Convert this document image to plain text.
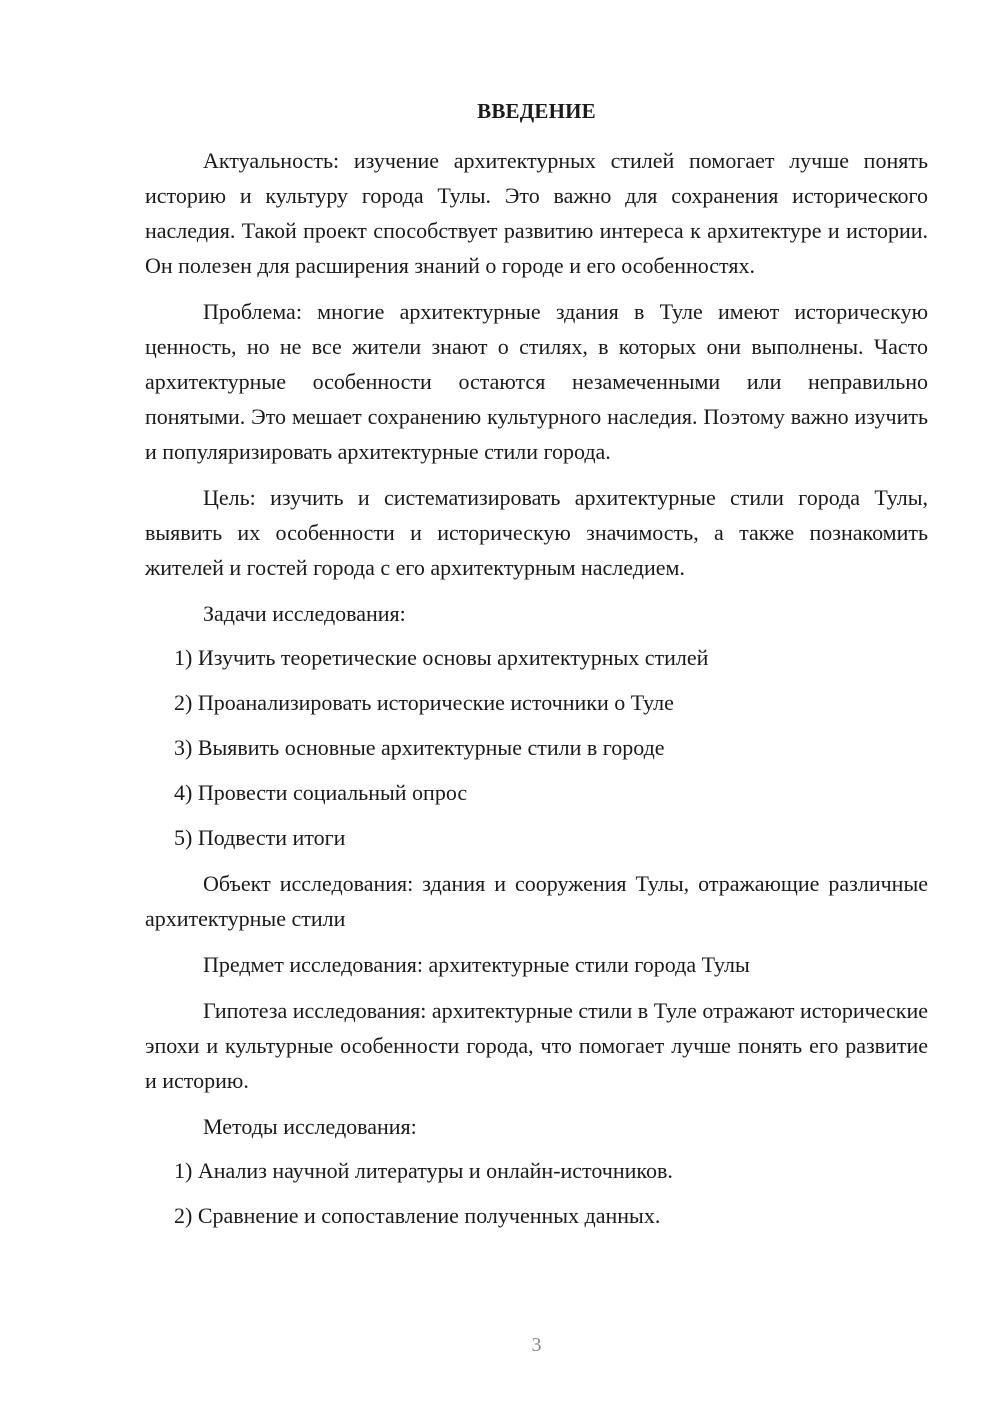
ВВЕДЕНИЕ

Актуальность: изучение архитектурных стилей помогает лучше понять историю и культуру города Тулы. Это важно для сохранения исторического наследия. Такой проект способствует развитию интереса к архитектуре и истории. Он полезен для расширения знаний о городе и его особенностях.

Проблема: многие архитектурные здания в Туле имеют историческую ценность, но не все жители знают о стилях, в которых они выполнены. Часто архитектурные особенности остаются незамеченными или неправильно понятыми. Это мешает сохранению культурного наследия. Поэтому важно изучить и популяризировать архитектурные стили города.

Цель: изучить и систематизировать архитектурные стили города Тулы, выявить их особенности и историческую значимость, а также познакомить жителей и гостей города с его архитектурным наследием.

Задачи исследования:

1) Изучить теоретические основы архитектурных стилей

2) Проанализировать исторические источники о Туле

3) Выявить основные архитектурные стили в городе

4) Провести социальный опрос

5) Подвести итоги

Объект исследования: здания и сооружения Тулы, отражающие различные архитектурные стили

Предмет исследования: архитектурные стили города Тулы

Гипотеза исследования: архитектурные стили в Туле отражают исторические эпохи и культурные особенности города, что помогает лучше понять его развитие и историю.

Методы исследования:

1) Анализ научной литературы и онлайн-источников.

2) Сравнение и сопоставление полученных данных.

3
